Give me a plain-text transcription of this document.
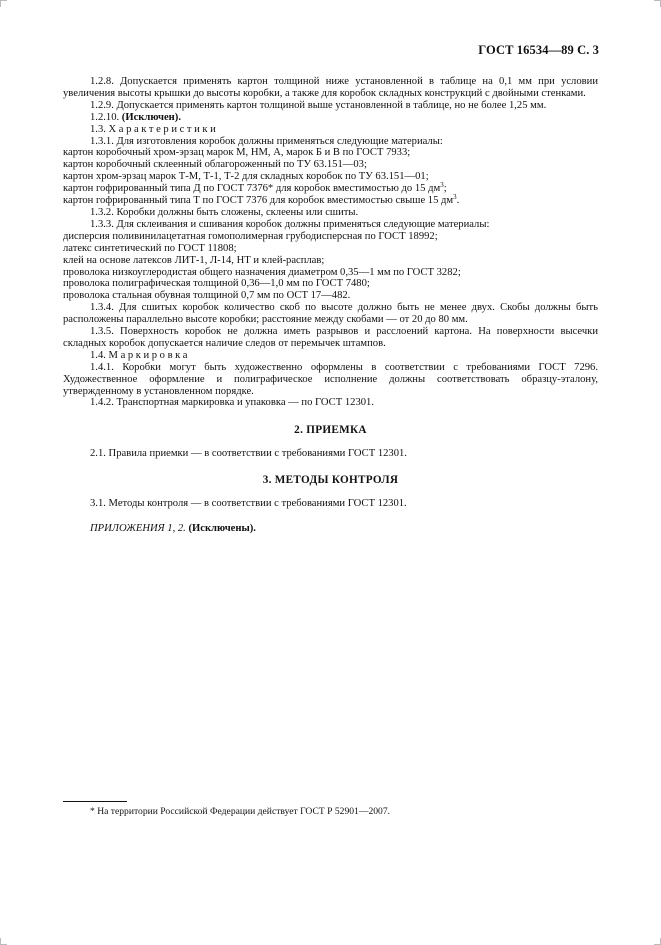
ГОСТ 16534—89 С. 3

1.2.8. Допускается применять картон толщиной ниже установленной в таблице на 0,1 мм при условии увеличения высоты крышки до высоты коробки, а также для коробок складных конструкций с двойными стенками.

1.2.9. Допускается применять картон толщиной выше установленной в таблице, но не более 1,25 мм.

1.2.10. (Исключен).

1.3. Характеристики

1.3.1. Для изготовления коробок должны применяться следующие материалы:

картон коробочный хром-эрзац марок М, НМ, А, марок Б и В по ГОСТ 7933;

картон коробочный склеенный облагороженный по ТУ 63.151—03;

картон хром-эрзац марок Т-М, Т-1, Т-2 для складных коробок по ТУ 63.151—01;

картон гофрированный типа Д по ГОСТ 7376* для коробок вместимостью до 15 $дм^3$;

картон гофрированный типа Т по ГОСТ 7376 для коробок вместимостью свыше 15 $дм^3$.

1.3.2. Коробки должны быть сложены, склеены или сшиты.

1.3.3. Для склеивания и сшивания коробок должны применяться следующие материалы:

дисперсия поливинилацетатная гомополимерная грубодисперсная по ГОСТ 18992;

латекс синтетический по ГОСТ 11808;

клей на основе латексов ЛИТ-1, Л-14, НТ и клей-расплав;

проволока низкоуглеродистая общего назначения диаметром 0,35—1 мм по ГОСТ 3282;

проволока полиграфическая толщиной 0,36—1,0 мм по ГОСТ 7480;

проволока стальная обувная толщиной 0,7 мм по ОСТ 17—482.

1.3.4. Для сшитых коробок количество скоб по высоте должно быть не менее двух. Скобы должны быть расположены параллельно высоте коробки; расстояние между скобами — от 20 до 80 мм.

1.3.5. Поверхность коробок не должна иметь разрывов и расслоений картона. На поверхности высечки складных коробок допускается наличие следов от перемычек штампов.

1.4. Маркировка

1.4.1. Коробки могут быть художественно оформлены в соответствии с требованиями ГОСТ 7296. Художественное оформление и полиграфическое исполнение должны соответствовать образцу-эталону, утвержденному в установленном порядке.

1.4.2. Транспортная маркировка и упаковка — по ГОСТ 12301.

2. ПРИЕМКА

2.1. Правила приемки — в соответствии с требованиями ГОСТ 12301.

3. МЕТОДЫ КОНТРОЛЯ

3.1. Методы контроля — в соответствии с требованиями ГОСТ 12301.

ПРИЛОЖЕНИЯ 1, 2. (Исключены).

* На территории Российской Федерации действует ГОСТ Р 52901—2007.
